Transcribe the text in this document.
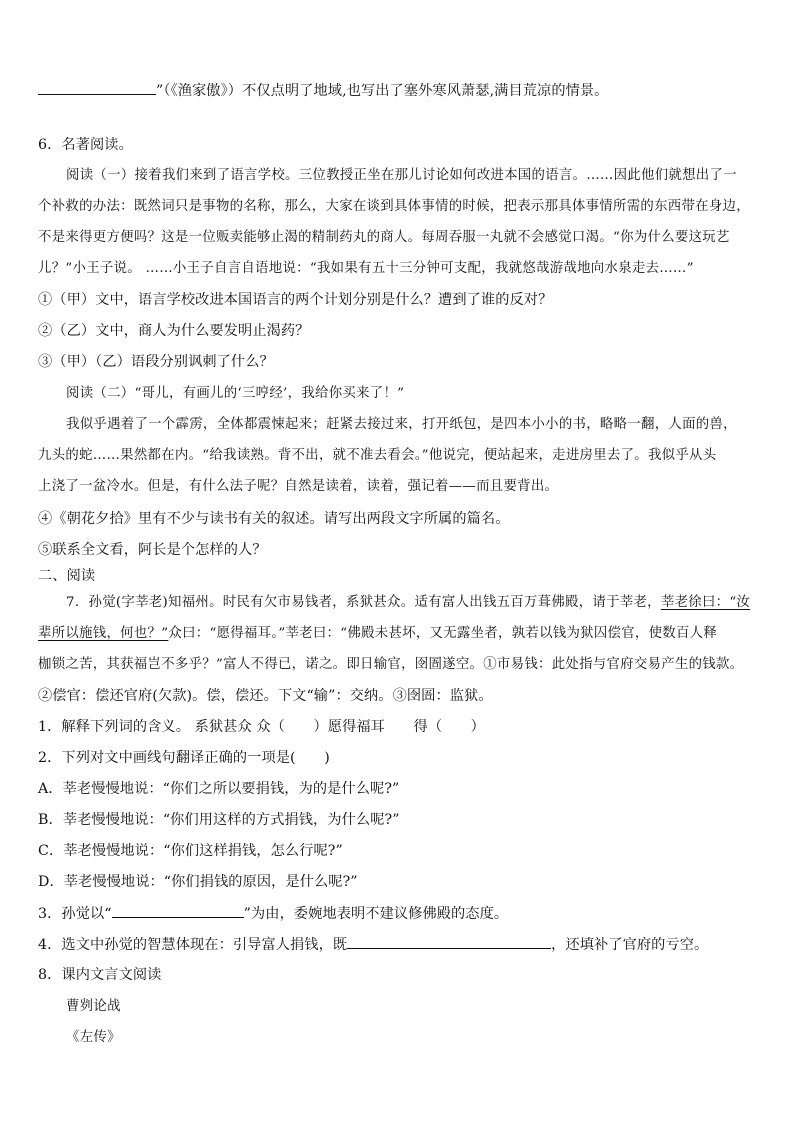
”（《渔家傲》）不仅点明了地域,也写出了塞外寒风萧瑟,满目荒凉的情景。
6．名著阅读。
阅读（一）接着我们来到了语言学校。三位教授正坐在那儿讨论如何改进本国的语言。……因此他们就想出了一
个补救的办法：既然词只是事物的名称，那么，大家在谈到具体事情的时候，把表示那具体事情所需的东西带在身边，
不是来得更方便吗？这是一位贩卖能够止渴的精制药丸的商人。每周吞服一丸就不会感觉口渴。“你为什么要这玩艺
儿？”小王子说。 ……小王子自言自语地说：“我如果有五十三分钟可支配，我就悠哉游哉地向水泉走去……”
①（甲）文中，语言学校改进本国语言的两个计划分别是什么？遭到了谁的反对？
②（乙）文中，商人为什么要发明止渴药？
③（甲）（乙）语段分别讽刺了什么？
阅读（二）“哥儿，有画儿的‘三哼经’，我给你买来了！”
我似乎遇着了一个霹雳，全体都震悚起来；赶紧去接过来，打开纸包，是四本小小的书，略略一翻，人面的兽，
九头的蛇……果然都在内。“给我读熟。背不出，就不准去看会。”他说完，便站起来，走进房里去了。我似乎从头
上浇了一盆冷水。但是，有什么法子呢？自然是读着，读着，强记着——而且要背出。
④《朝花夕拾》里有不少与读书有关的叙述。请写出两段文字所属的篇名。
⑤联系全文看，阿长是个怎样的人？
二、阅读
7．孙觉(字莘老)知福州。时民有欠市易钱者，系狱甚众。适有富人出钱五百万葺佛殿，请于莘老，莘老徐曰：“汝
辈所以施钱，何也？”众曰：“愿得福耳。”莘老曰：“佛殿未甚坏，又无露坐者，孰若以钱为狱囚偿官，使数百人释
枷锁之苦，其获福岂不多乎？”富人不得已，诺之。即日输官，囹圄遂空。①市易钱：此处指与官府交易产生的钱款。
②偿官：偿还官府(欠款)。偿，偿还。下文“输”：交纳。③囹圄：监狱。
1．解释下列词的含义。 系狱甚众 众（　　）愿得福耳　　得（　　）
2．下列对文中画线句翻译正确的一项是(　　)
A．莘老慢慢地说：“你们之所以要捐钱，为的是什么呢?”
B．莘老慢慢地说：“你们用这样的方式捐钱，为什么呢?”
C．莘老慢慢地说：“你们这样捐钱，怎么行呢?”
D．莘老慢慢地说：“你们捐钱的原因，是什么呢?”
3．孙觉以“	”为由，委婉地表明不建议修佛殿的态度。
4．选文中孙觉的智慧体现在：引导富人捐钱，既	，还填补了官府的亏空。
8．课内文言文阅读
曹刿论战
《左传》
